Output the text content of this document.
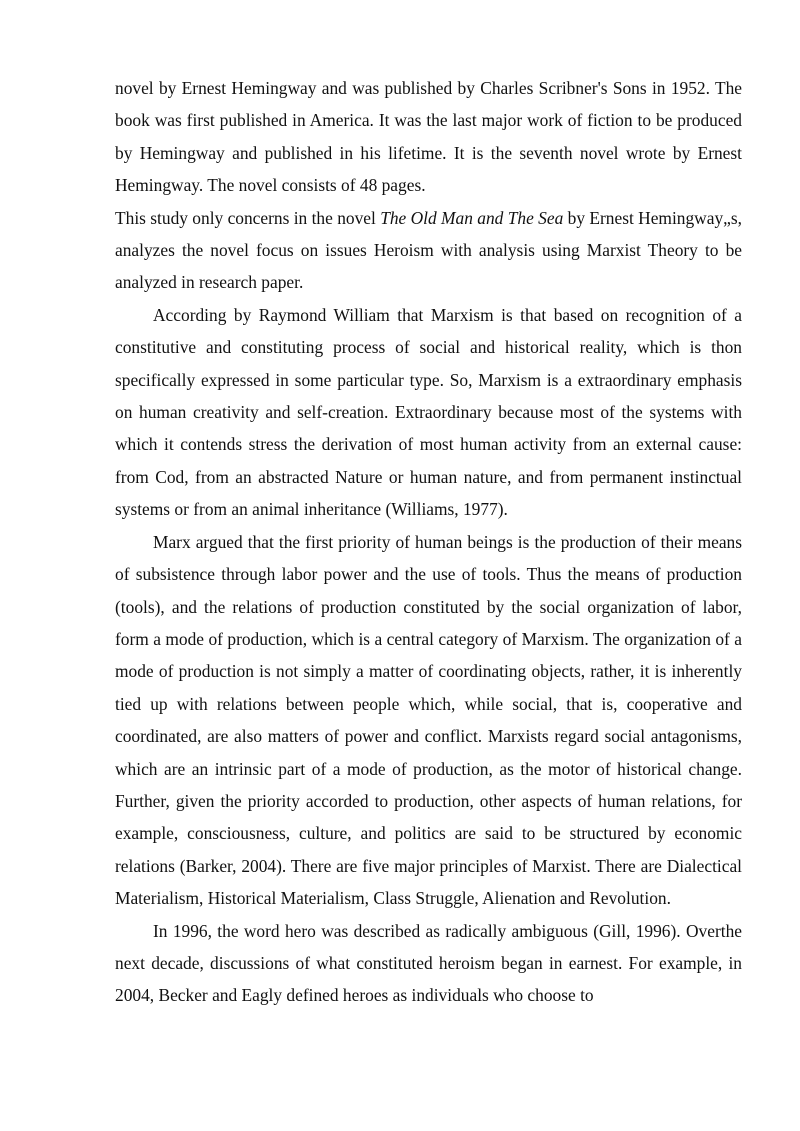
novel by Ernest Hemingway and was published by Charles Scribner's Sons in 1952. The book was first published in America. It was the last major work of fiction to be produced by Hemingway and published in his lifetime. It is the seventh novel wrote by Ernest Hemingway. The novel consists of 48 pages.

This study only concerns in the novel The Old Man and The Sea by Ernest Hemingway„s, analyzes the novel focus on issues Heroism with analysis using Marxist Theory to be analyzed in research paper.

According by Raymond William that Marxism is that based on recognition of a constitutive and constituting process of social and historical reality, which is thon specifically expressed in some particular type. So, Marxism is a extraordinary emphasis on human creativity and self-creation. Extraordinary because most of the systems with which it contends stress the derivation of most human activity from an external cause: from Cod, from an abstracted Nature or human nature, and from permanent instinctual systems or from an animal inheritance (Williams, 1977).

Marx argued that the first priority of human beings is the production of their means of subsistence through labor power and the use of tools. Thus the means of production (tools), and the relations of production constituted by the social organization of labor, form a mode of production, which is a central category of Marxism. The organization of a mode of production is not simply a matter of coordinating objects, rather, it is inherently tied up with relations between people which, while social, that is, cooperative and coordinated, are also matters of power and conflict. Marxists regard social antagonisms, which are an intrinsic part of a mode of production, as the motor of historical change. Further, given the priority accorded to production, other aspects of human relations, for example, consciousness, culture, and politics are said to be structured by economic relations (Barker, 2004). There are five major principles of Marxist. There are Dialectical Materialism, Historical Materialism, Class Struggle, Alienation and Revolution.

In 1996, the word hero was described as radically ambiguous (Gill, 1996). Overthe next decade, discussions of what constituted heroism began in earnest. For example, in 2004, Becker and Eagly defined heroes as individuals who choose to
